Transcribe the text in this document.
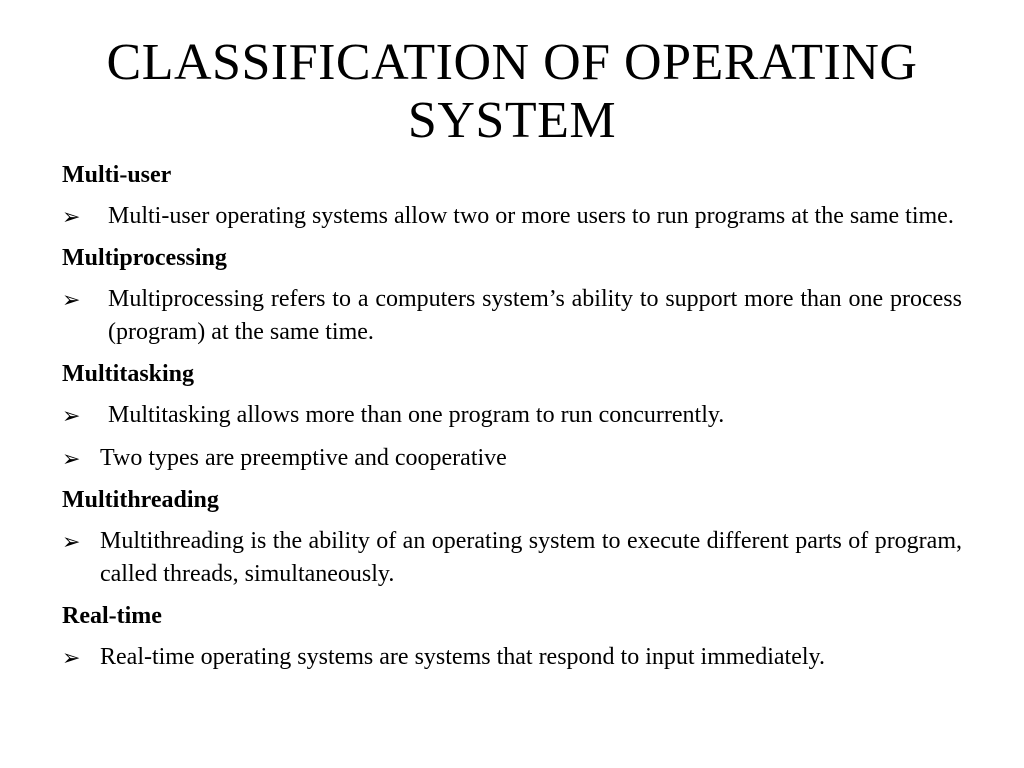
CLASSIFICATION OF OPERATING
SYSTEM
Multi-user
➢	Multi-user operating systems allow two or more users to run programs at the same time.
Multiprocessing
➢	Multiprocessing refers to a computers system’s ability to support more than one process (program) at the same time.
Multitasking
➢	Multitasking allows more than one program to run concurrently.
➢ Two types are preemptive and cooperative
Multithreading
➢ Multithreading is the ability of an operating system to execute different parts of program, called threads, simultaneously.
Real-time
➢ Real-time operating systems are systems that respond to input immediately.
